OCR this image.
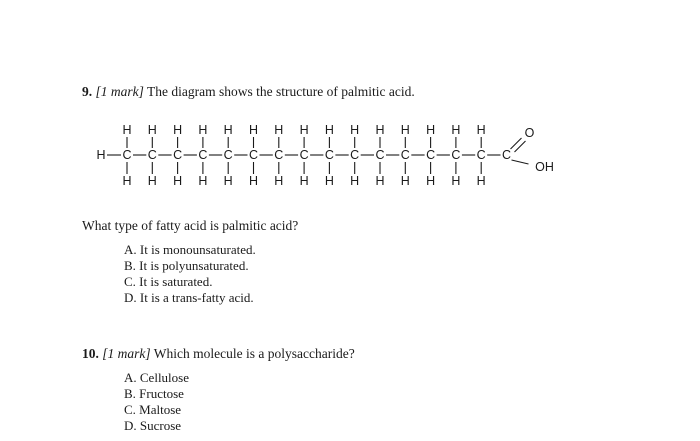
9. [1 mark] The diagram shows the structure of palmitic acid.
H C
H
H
C
H
H
C
H
H
C
H
H
C
H
H
C
H
H
C
H
H
C
H
H
C
H
H
C
H
H
C
H
H
C
H
H
C
H
H
C
H
H
C
H
H
C
O
OH
What type of fatty acid is palmitic acid?
A. It is monounsaturated.
B. It is polyunsaturated.
C. It is saturated.
D. It is a trans-fatty acid.
10. [1 mark] Which molecule is a polysaccharide?
A. Cellulose
B. Fructose
C. Maltose
D. Sucrose
